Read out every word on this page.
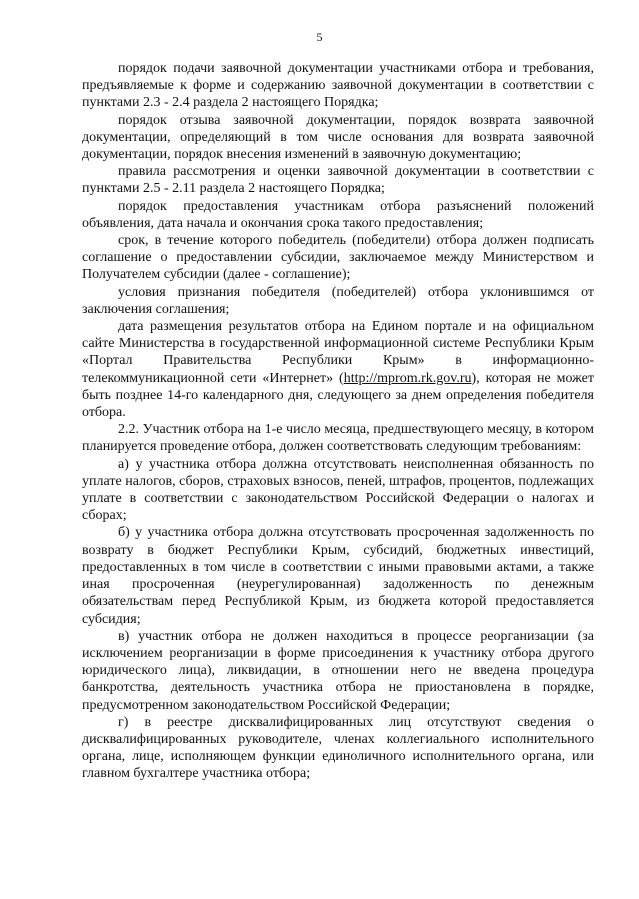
5

порядок подачи заявочной документации участниками отбора и требования, предъявляемые к форме и содержанию заявочной документации в соответствии с пунктами 2.3 - 2.4 раздела 2 настоящего Порядка;

порядок отзыва заявочной документации, порядок возврата заявочной документации, определяющий в том числе основания для возврата заявочной документации, порядок внесения изменений в заявочную документацию;

правила рассмотрения и оценки заявочной документации в соответствии с пунктами 2.5 - 2.11 раздела 2 настоящего Порядка;

порядок предоставления участникам отбора разъяснений положений объявления, дата начала и окончания срока такого предоставления;

срок, в течение которого победитель (победители) отбора должен подписать соглашение о предоставлении субсидии, заключаемое между Министерством и Получателем субсидии (далее - соглашение);

условия признания победителя (победителей) отбора уклонившимся от заключения соглашения;

дата размещения результатов отбора на Едином портале и на официальном сайте Министерства в государственной информационной системе Республики Крым «Портал Правительства Республики Крым» в информационно-телекоммуникационной сети «Интернет» (http://mprom.rk.gov.ru), которая не может быть позднее 14-го календарного дня, следующего за днем определения победителя отбора.

2.2. Участник отбора на 1-е число месяца, предшествующего месяцу, в котором планируется проведение отбора, должен соответствовать следующим требованиям:

а) у участника отбора должна отсутствовать неисполненная обязанность по уплате налогов, сборов, страховых взносов, пеней, штрафов, процентов, подлежащих уплате в соответствии с законодательством Российской Федерации о налогах и сборах;

б) у участника отбора должна отсутствовать просроченная задолженность по возврату в бюджет Республики Крым, субсидий, бюджетных инвестиций, предоставленных в том числе в соответствии с иными правовыми актами, а также иная просроченная (неурегулированная) задолженность по денежным обязательствам перед Республикой Крым, из бюджета которой предоставляется субсидия;

в) участник отбора не должен находиться в процессе реорганизации (за исключением реорганизации в форме присоединения к участнику отбора другого юридического лица), ликвидации, в отношении него не введена процедура банкротства, деятельность участника отбора не приостановлена в порядке, предусмотренном законодательством Российской Федерации;

г) в реестре дисквалифицированных лиц отсутствуют сведения о дисквалифицированных руководителе, членах коллегиального исполнительного органа, лице, исполняющем функции единоличного исполнительного органа, или главном бухгалтере участника отбора;
